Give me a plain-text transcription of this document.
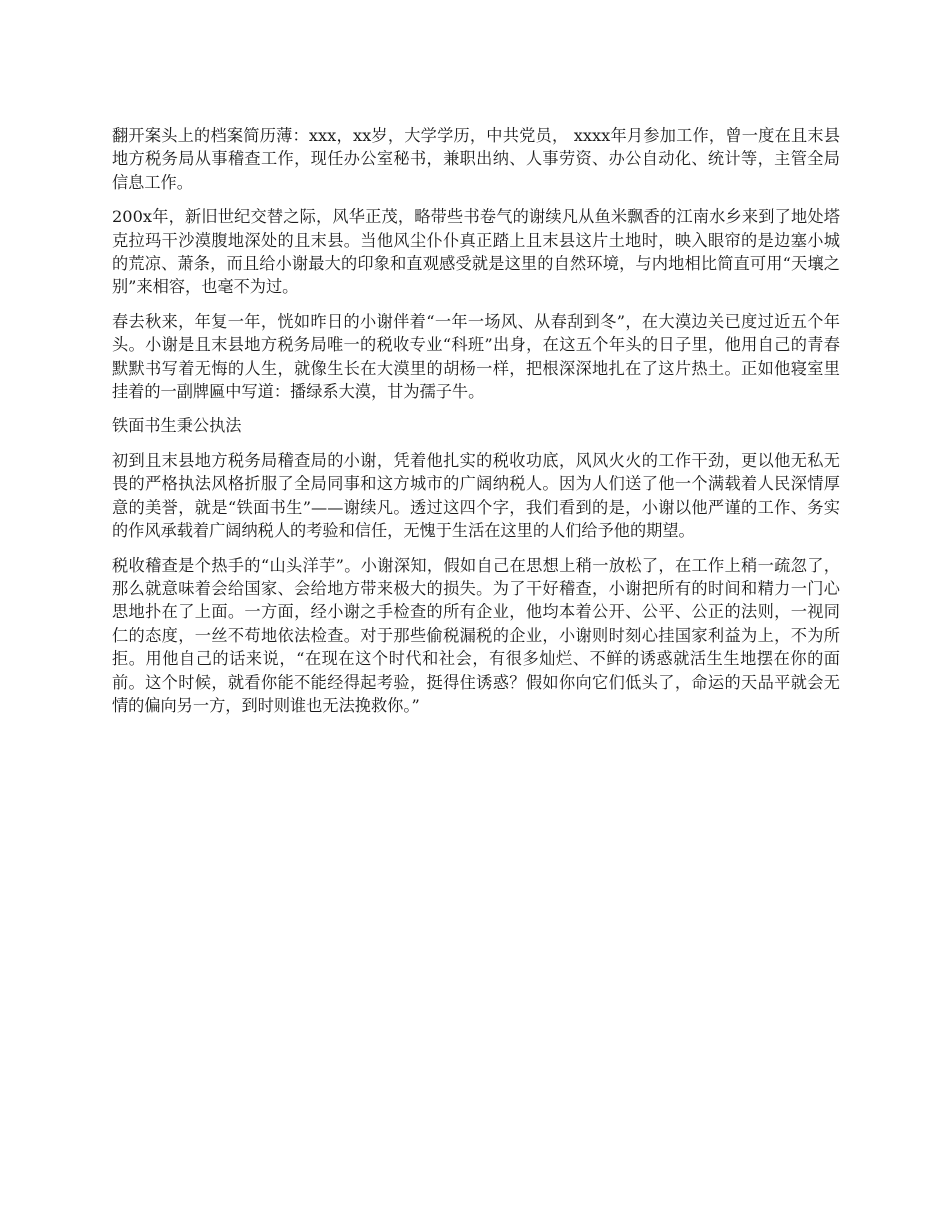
翻开案头上的档案简历薄：xxx，xx岁，大学学历，中共党员， xxxx年月参加工作，曾一度在且末县地方税务局从事稽查工作，现任办公室秘书，兼职出纳、人事劳资、办公自动化、统计等，主管全局信息工作。

200x年，新旧世纪交替之际，风华正茂，略带些书卷气的谢续凡从鱼米飘香的江南水乡来到了地处塔克拉玛干沙漠腹地深处的且末县。当他风尘仆仆真正踏上且末县这片土地时，映入眼帘的是边塞小城的荒凉、萧条，而且给小谢最大的印象和直观感受就是这里的自然环境，与内地相比简直可用“天壤之别”来相容，也毫不为过。

春去秋来，年复一年，恍如昨日的小谢伴着“一年一场风、从春刮到冬”，在大漠边关已度过近五个年头。小谢是且末县地方税务局唯一的税收专业“科班”出身，在这五个年头的日子里，他用自己的青春默默书写着无悔的人生，就像生长在大漠里的胡杨一样，把根深深地扎在了这片热土。正如他寝室里挂着的一副牌匾中写道：播绿系大漠，甘为孺子牛。

铁面书生秉公执法

初到且末县地方税务局稽查局的小谢，凭着他扎实的税收功底，风风火火的工作干劲，更以他无私无畏的严格执法风格折服了全局同事和这方城市的广阔纳税人。因为人们送了他一个满载着人民深情厚意的美誉，就是“铁面书生”——谢续凡。透过这四个字，我们看到的是，小谢以他严谨的工作、务实的作风承载着广阔纳税人的考验和信任，无愧于生活在这里的人们给予他的期望。

税收稽查是个热手的“山头洋芋”。小谢深知，假如自己在思想上稍一放松了，在工作上稍一疏忽了，那么就意味着会给国家、会给地方带来极大的损失。为了干好稽查，小谢把所有的时间和精力一门心思地扑在了上面。一方面，经小谢之手检查的所有企业，他均本着公开、公平、公正的法则，一视同仁的态度，一丝不苟地依法检查。对于那些偷税漏税的企业，小谢则时刻心挂国家利益为上，不为所拒。用他自己的话来说，“在现在这个时代和社会，有很多灿烂、不鲜的诱惑就活生生地摆在你的面前。这个时候，就看你能不能经得起考验，挺得住诱惑？假如你向它们低头了，命运的天品平就会无情的偏向另一方，到时则谁也无法挽救你。”
